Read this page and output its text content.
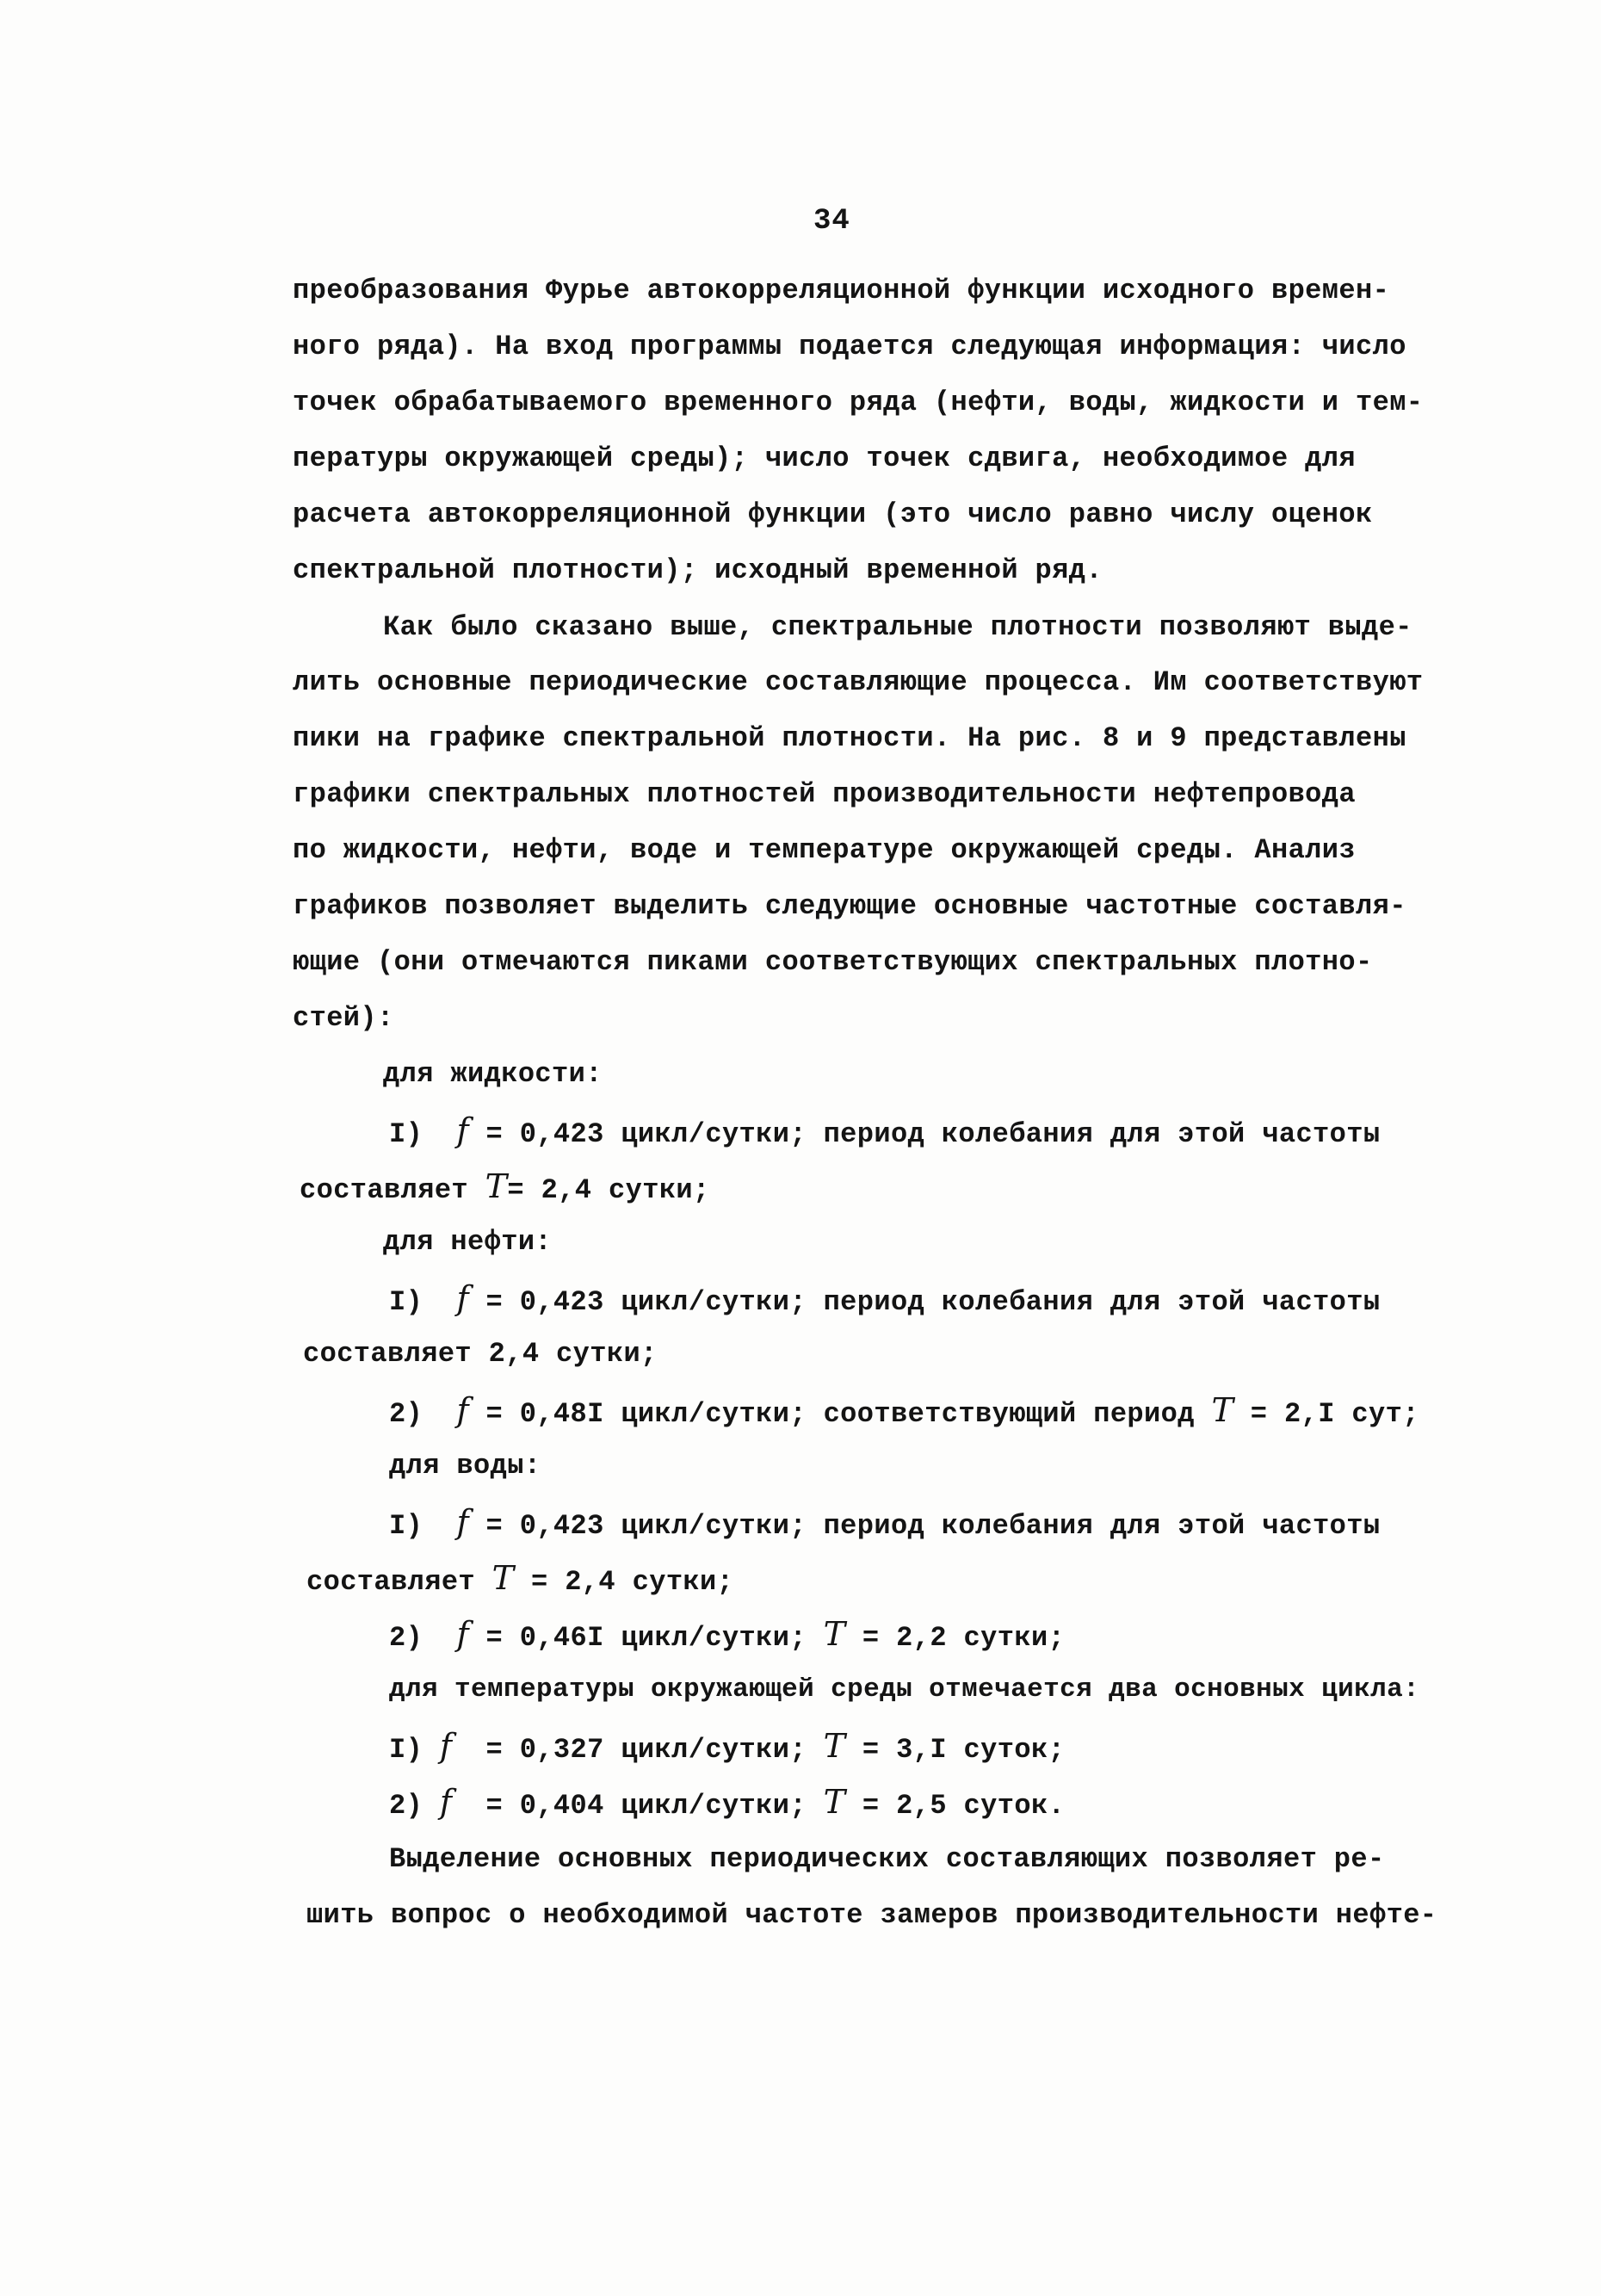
34
преобразования Фурье автокорреляционной функции исходного времен-
ного ряда). На вход программы подается следующая информация: число
точек обрабатываемого временного ряда (нефти, воды, жидкости и тем-
пературы окружающей среды); число точек сдвига, необходимое для
расчета автокорреляционной функции (это число равно числу оценок
спектральной плотности); исходный временной ряд.
Как было сказано выше, спектральные плотности позволяют выде-
лить основные периодические составляющие процесса. Им соответствуют
пики на графике спектральной плотности. На рис. 8 и 9 представлены
графики спектральных плотностей производительности нефтепровода
по жидкости, нефти, воде и температуре окружающей среды. Анализ
графиков позволяет выделить следующие основные частотные составля-
ющие (они отмечаются пиками соответствующих спектральных плотно-
стей):
для жидкости:
I) f = 0,423 цикл/сутки; период колебания для этой частоты
составляет T= 2,4 сутки;
для нефти:
I) f = 0,423 цикл/сутки; период колебания для этой частоты
составляет 2,4 сутки;
2) f = 0,48I цикл/сутки; соответствующий период T = 2,I сут;
для воды:
I) f = 0,423 цикл/сутки; период колебания для этой частоты
составляет T = 2,4 сутки;
2) f = 0,46I цикл/сутки; T = 2,2 сутки;
для температуры окружающей среды отмечается два основных цикла:
I) f  = 0,327 цикл/сутки; T = 3,I суток;
2) f  = 0,404 цикл/сутки; T = 2,5 суток.
Выделение основных периодических составляющих позволяет ре-
шить вопрос о необходимой частоте замеров производительности нефте-
